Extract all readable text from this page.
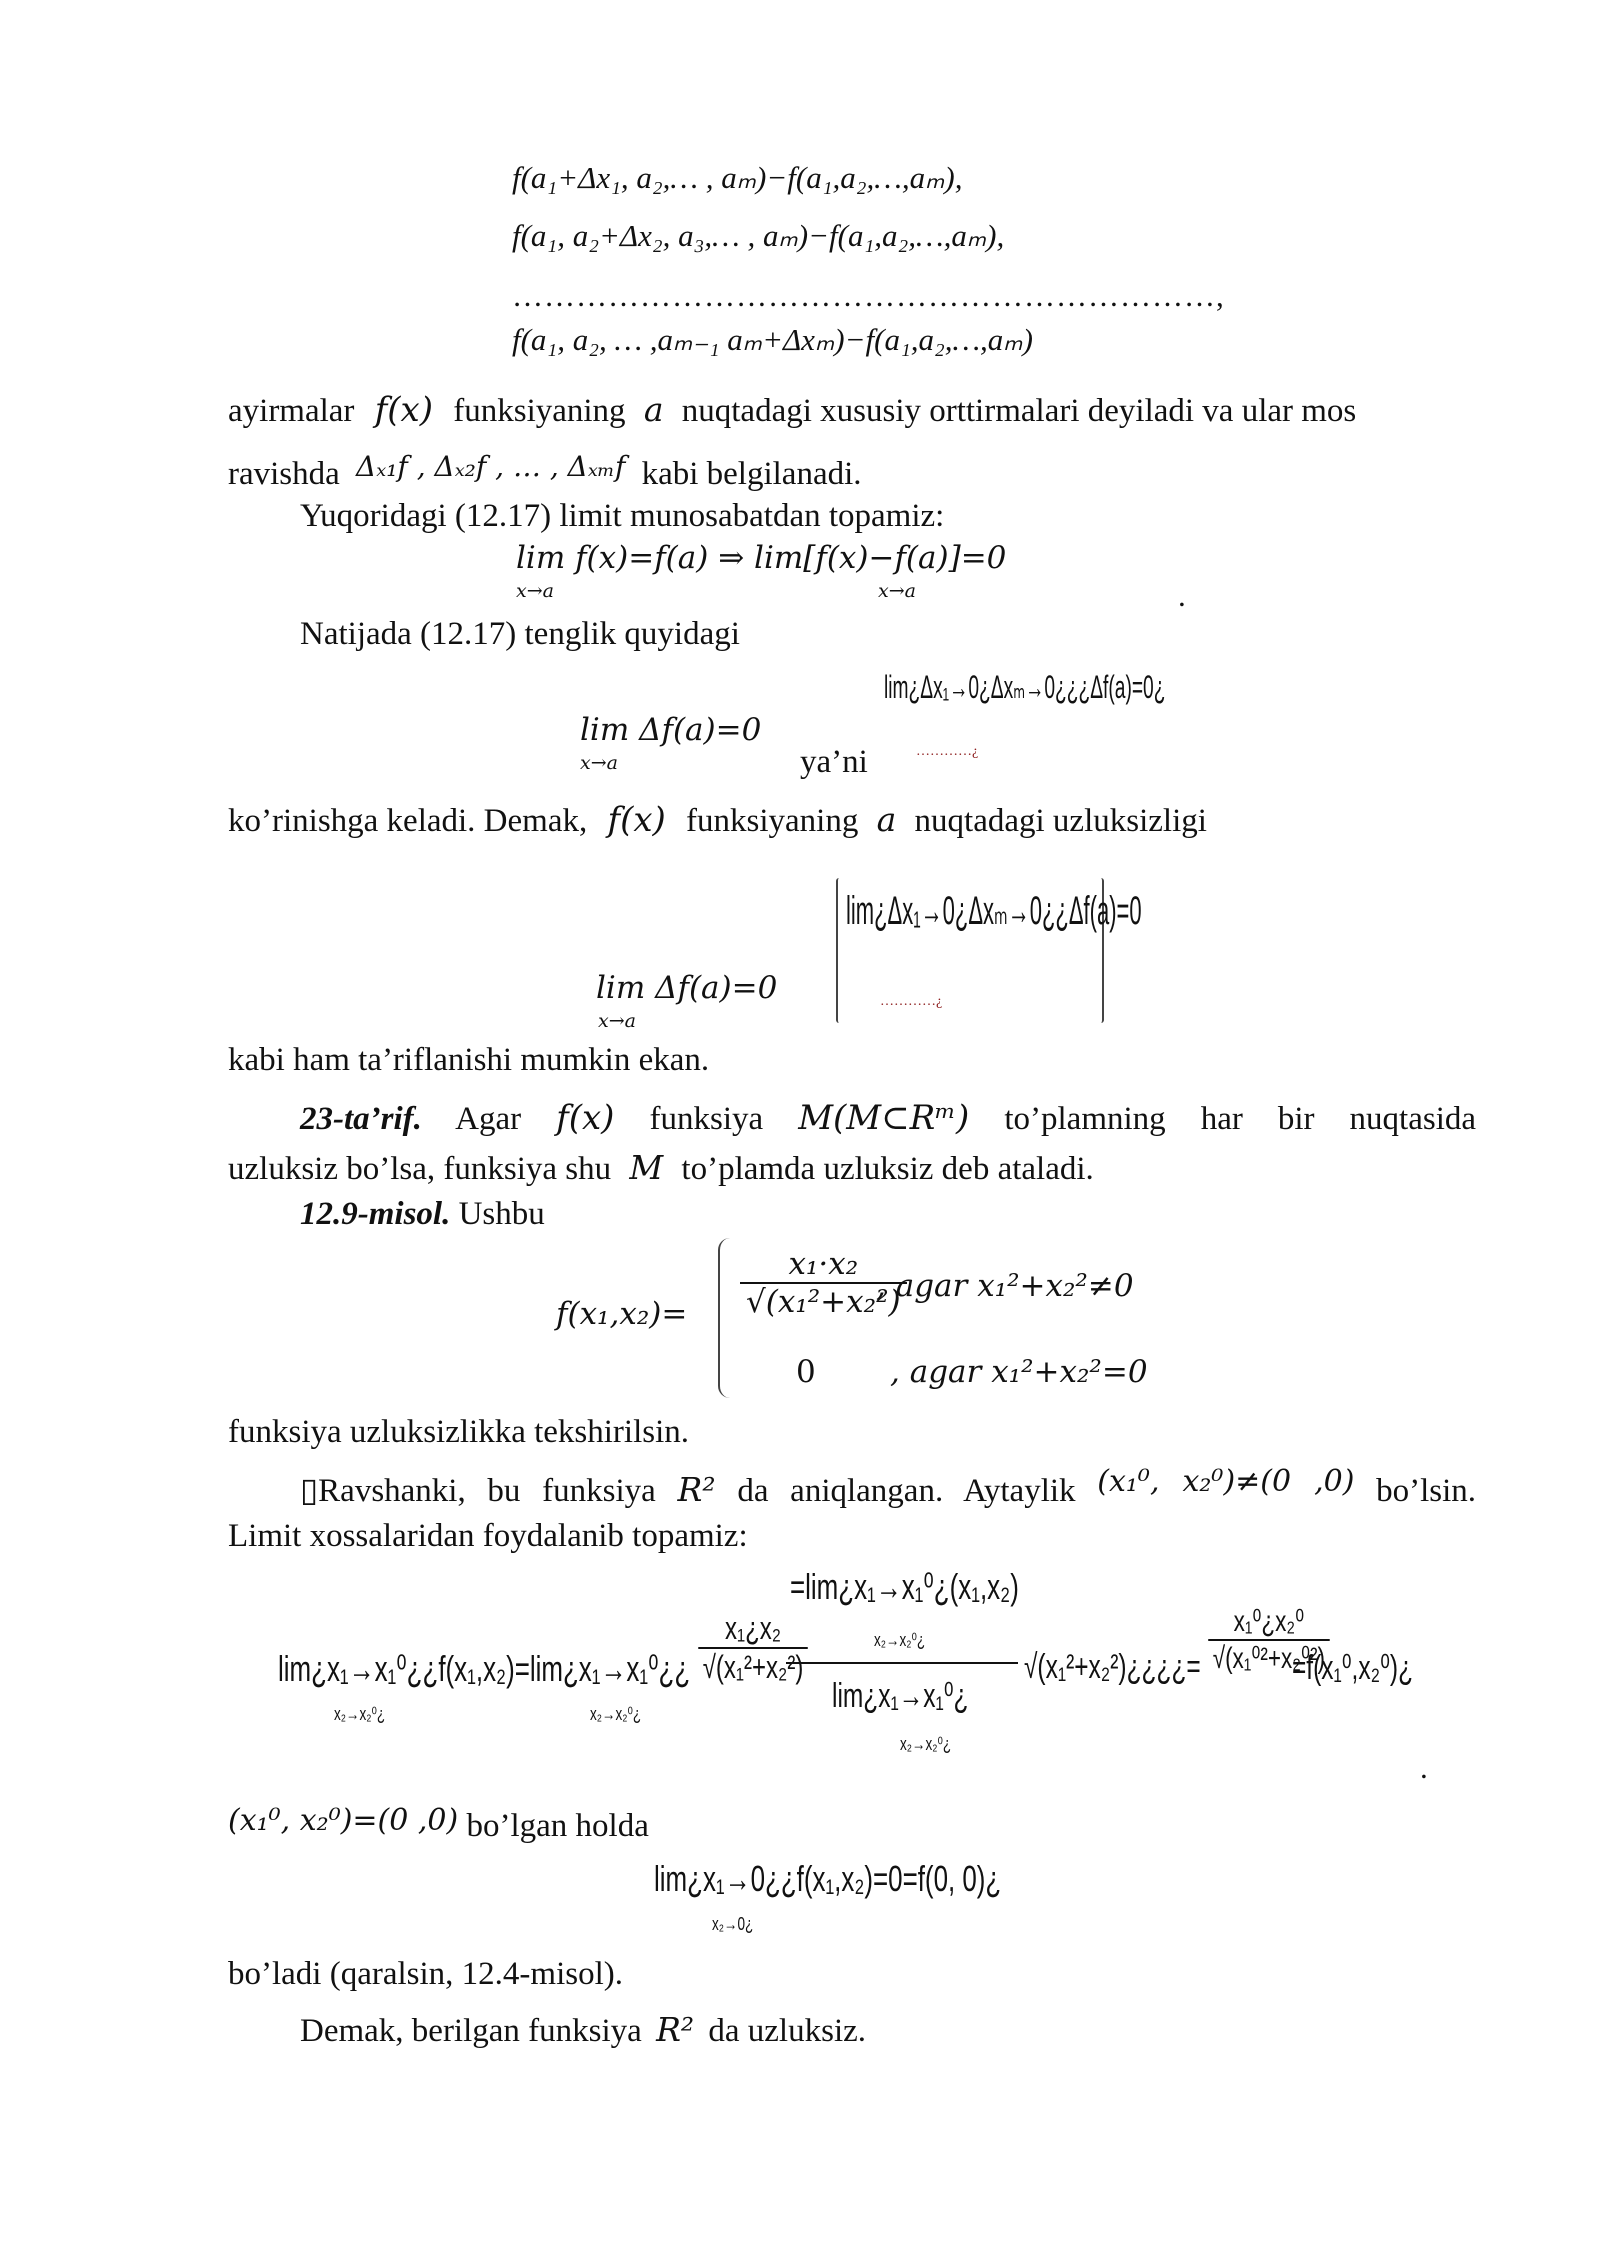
f(a₁+Δx₁, a₂,… , aₘ)−f(a₁,a₂,…,aₘ),
f(a₁, a₂+Δx₂, a₃,… , aₘ)−f(a₁,a₂,…,aₘ),
…………………………………………………………,
f(a₁, a₂, … ,aₘ₋₁ aₘ+Δxₘ)−f(a₁,a₂,…,aₘ)
ayirmalar f(x) funksiyaning a nuqtadagi xususiy orttirmalari deyiladi va ular mos
ravishda $^{\Delta_{x1}f , \Delta_{x2}f , \dots , \Delta_{xm}f}$ kabi belgilanadi.
Yuqoridagi (12.17) limit munosabatdan topamiz:
lim f(x)=f(a) ⇒ lim[f(x)−f(a)]=0
x→a	x→a	.
Natijada (12.17) tenglik quyidagi
lim Δf(a)=0
x→a	ya’ni
lim¿Δx₁→0¿Δxₘ→0¿¿¿Δf(a)=0¿
…………¿
ko’rinishga keladi. Demak, f(x) funksiyaning a nuqtadagi uzluksizligi
lim Δf(a)=0
x→a
lim¿Δx₁→0¿Δxₘ→0¿¿Δf(a)=0
…………¿
kabi ham ta’riflanishi mumkin ekan.
23-ta’rif. Agar f(x) funksiya M(M⊂Rᵐ) to’plamning har bir nuqtasida
uzluksiz bo’lsa, funksiya shu M to’plamda uzluksiz deb ataladi.
12.9-misol. Ushbu
$f(x_1,x_2)= \frac{\text{x₁·x₂}}{\text{√(x₁²+x₂²)}}$
, agar x₁²+x₂²≠0
0 , agar x₁²+x₂²=0
funksiya uzluksizlikka tekshirilsin.
▯Ravshanki, bu funksiya R² da aniqlangan. Aytaylik (x₁⁰, x₂⁰)≠(0 ,0) bo’lsin.
Limit xossalaridan foydalanib topamiz:
=lim¿x₁→x₁⁰¿(x₁,x₂)
x₂→x₂⁰¿
lim¿x₁→x₁⁰¿¿f(x₁,x₂)=lim¿x₁→x₁⁰¿¿
x₂→x₂⁰¿	x₂→x₂⁰¿
$\frac{\text{x₁¿x₂}}{\text{√(x₁²+x₂²)}}$
lim¿x₁→x₁⁰¿
x₂→x₂⁰¿
√(x₁²+x₂²)¿¿¿¿= $\frac{\text{x₁⁰¿x₂⁰}}{\text{√(x₁⁰²+x₂⁰²)}}$
=f(x₁⁰,x₂⁰)¿
.
(x₁⁰, x₂⁰)=(0 ,0) bo’lgan holda
lim¿x₁→0¿¿f(x₁,x₂)=0=f(0, 0)¿
x₂→0¿
bo’ladi (qaralsin, 12.4-misol).
Demak, berilgan funksiya R² da uzluksiz.
